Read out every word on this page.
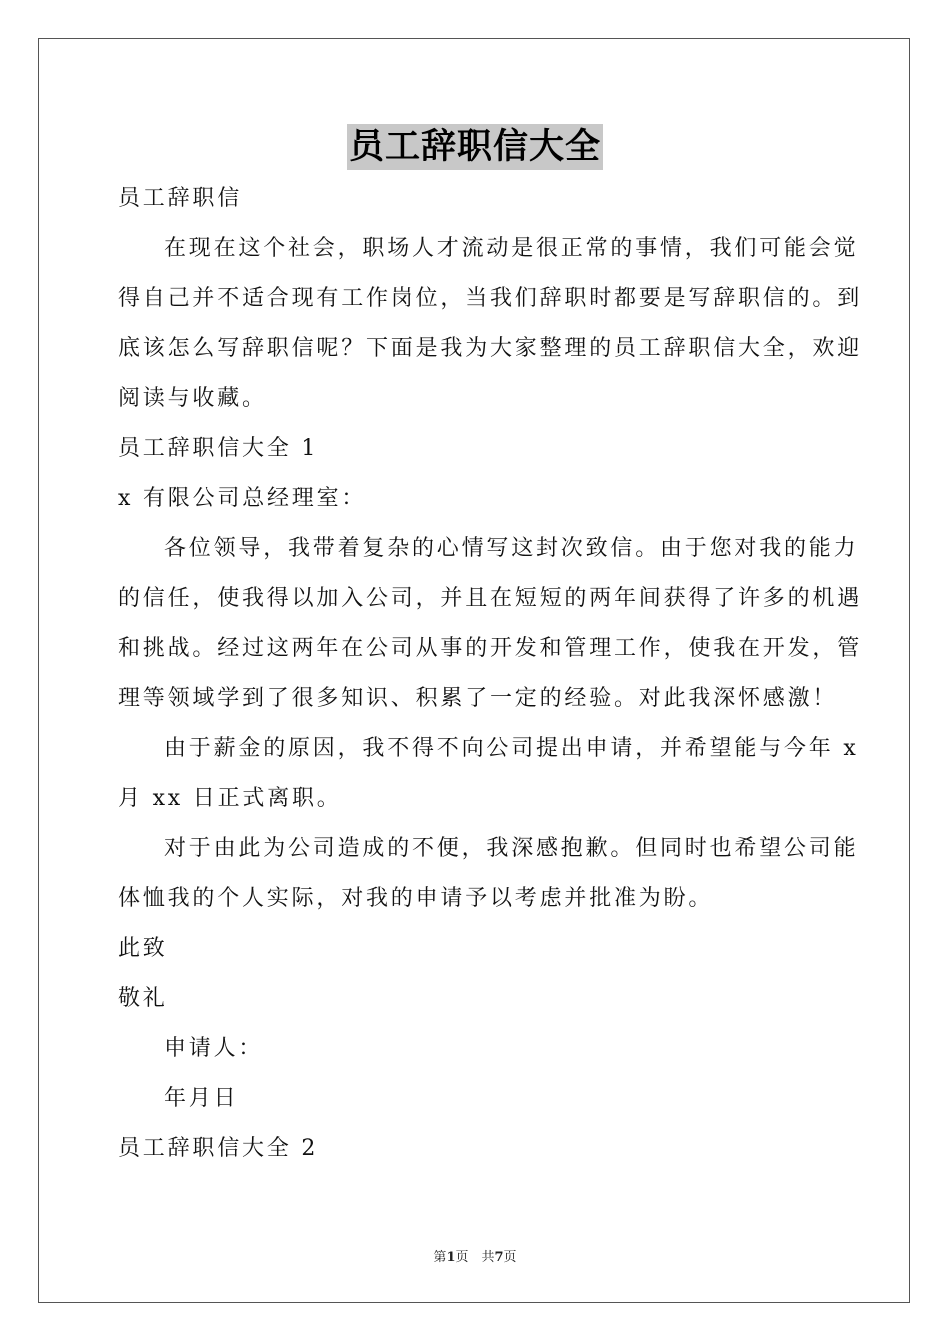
员工辞职信大全
员工辞职信
在现在这个社会，职场人才流动是很正常的事情，我们可能会觉
得自己并不适合现有工作岗位，当我们辞职时都要是写辞职信的。到
底该怎么写辞职信呢？下面是我为大家整理的员工辞职信大全，欢迎
阅读与收藏。
员工辞职信大全 1
x 有限公司总经理室：
各位领导，我带着复杂的心情写这封次致信。由于您对我的能力
的信任，使我得以加入公司，并且在短短的两年间获得了许多的机遇
和挑战。经过这两年在公司从事的开发和管理工作，使我在开发，管
理等领域学到了很多知识、积累了一定的经验。对此我深怀感激！
由于薪金的原因，我不得不向公司提出申请，并希望能与今年 x
月 xx 日正式离职。
对于由此为公司造成的不便，我深感抱歉。但同时也希望公司能
体恤我的个人实际，对我的申请予以考虑并批准为盼。
此致
敬礼
申请人：
年月日
员工辞职信大全 2
第1页　共7页
